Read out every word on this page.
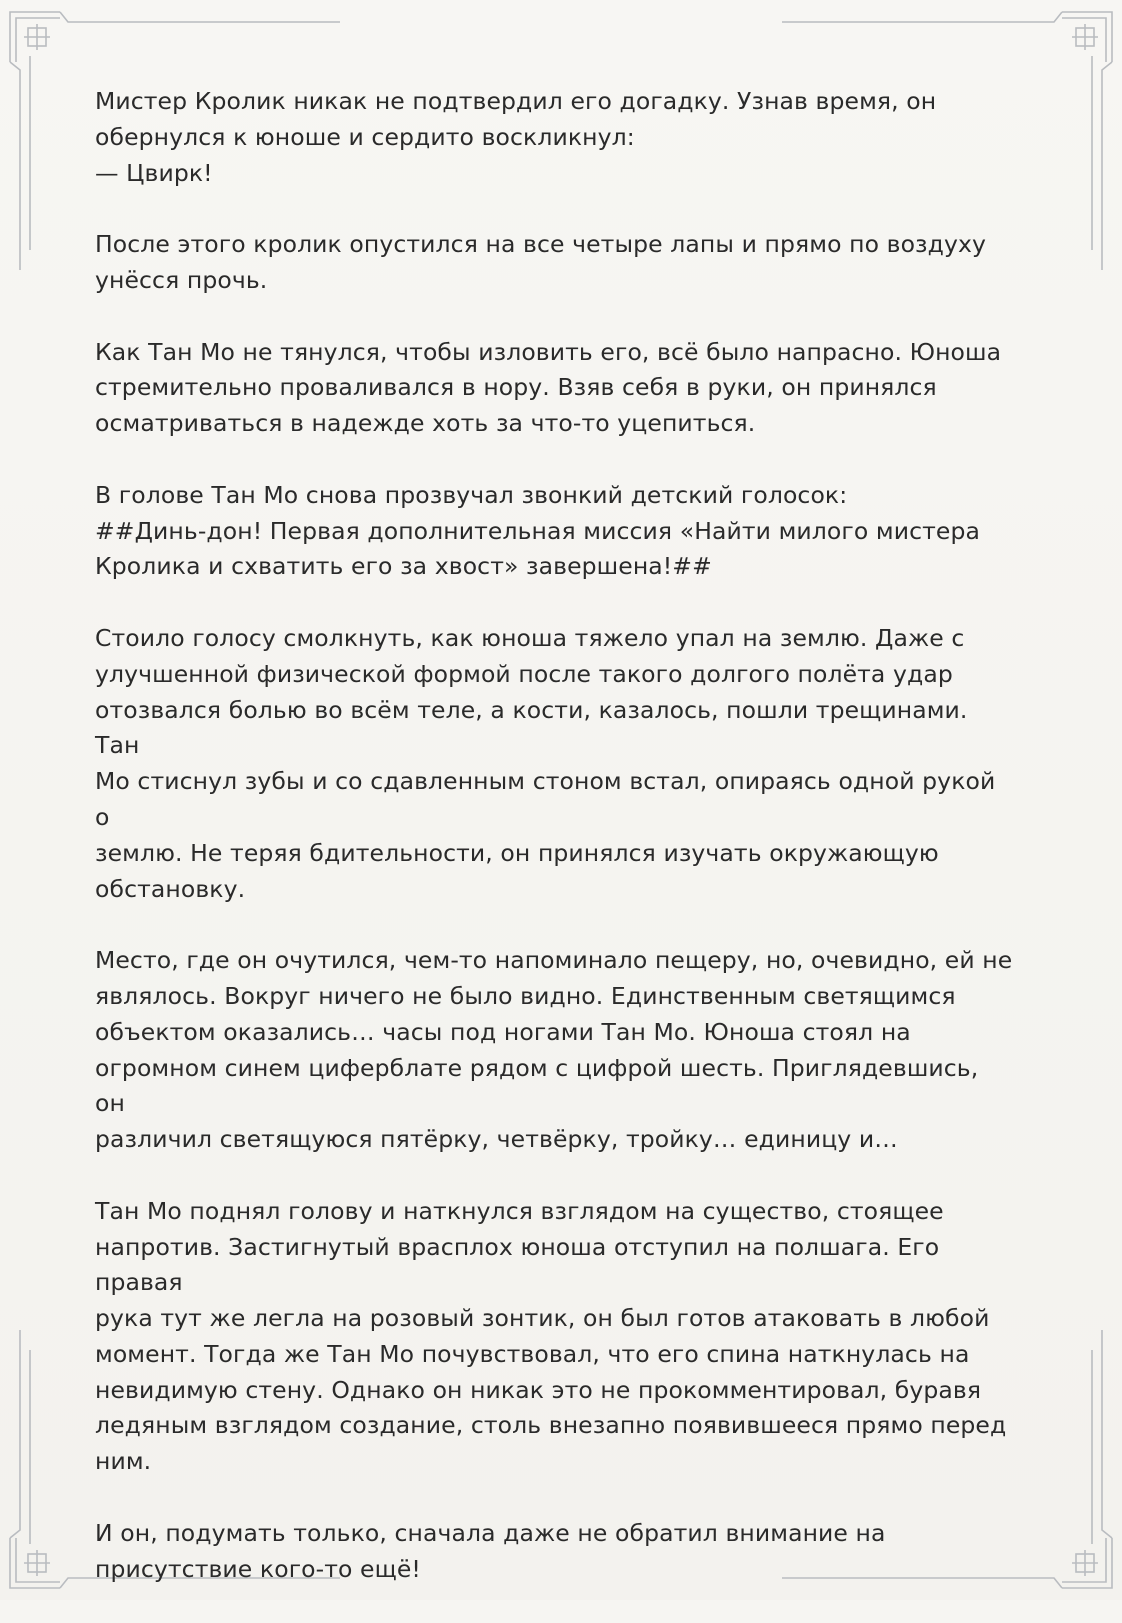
Мистер Кролик никак не подтвердил его догадку. Узнав время, он
обернулся к юноше и сердито воскликнул:
— Цвирк!

После этого кролик опустился на все четыре лапы и прямо по воздуху
унёсся прочь.

Как Тан Мо не тянулся, чтобы изловить его, всё было напрасно. Юноша
стремительно проваливался в нору. Взяв себя в руки, он принялся
осматриваться в надежде хоть за что-то уцепиться.

В голове Тан Мо снова прозвучал звонкий детский голосок:
##Динь-дон! Первая дополнительная миссия «Найти милого мистера
Кролика и схватить его за хвост» завершена!##

Стоило голосу смолкнуть, как юноша тяжело упал на землю. Даже с
улучшенной физической формой после такого долгого полёта удар
отозвался болью во всём теле, а кости, казалось, пошли трещинами. Тан
Мо стиснул зубы и со сдавленным стоном встал, опираясь одной рукой о
землю. Не теряя бдительности, он принялся изучать окружающую
обстановку.

Место, где он очутился, чем-то напоминало пещеру, но, очевидно, ей не
являлось. Вокруг ничего не было видно. Единственным светящимся
объектом оказались… часы под ногами Тан Мо. Юноша стоял на
огромном синем циферблате рядом с цифрой шесть. Приглядевшись, он
различил светящуюся пятёрку, четвёрку, тройку… единицу и…

Тан Мо поднял голову и наткнулся взглядом на существо, стоящее
напротив. Застигнутый врасплох юноша отступил на полшага. Его правая
рука тут же легла на розовый зонтик, он был готов атаковать в любой
момент. Тогда же Тан Мо почувствовал, что его спина наткнулась на
невидимую стену. Однако он никак это не прокомментировал, буравя
ледяным взглядом создание, столь внезапно появившееся прямо перед
ним.

И он, подумать только, сначала даже не обратил внимание на
присутствие кого-то ещё!
